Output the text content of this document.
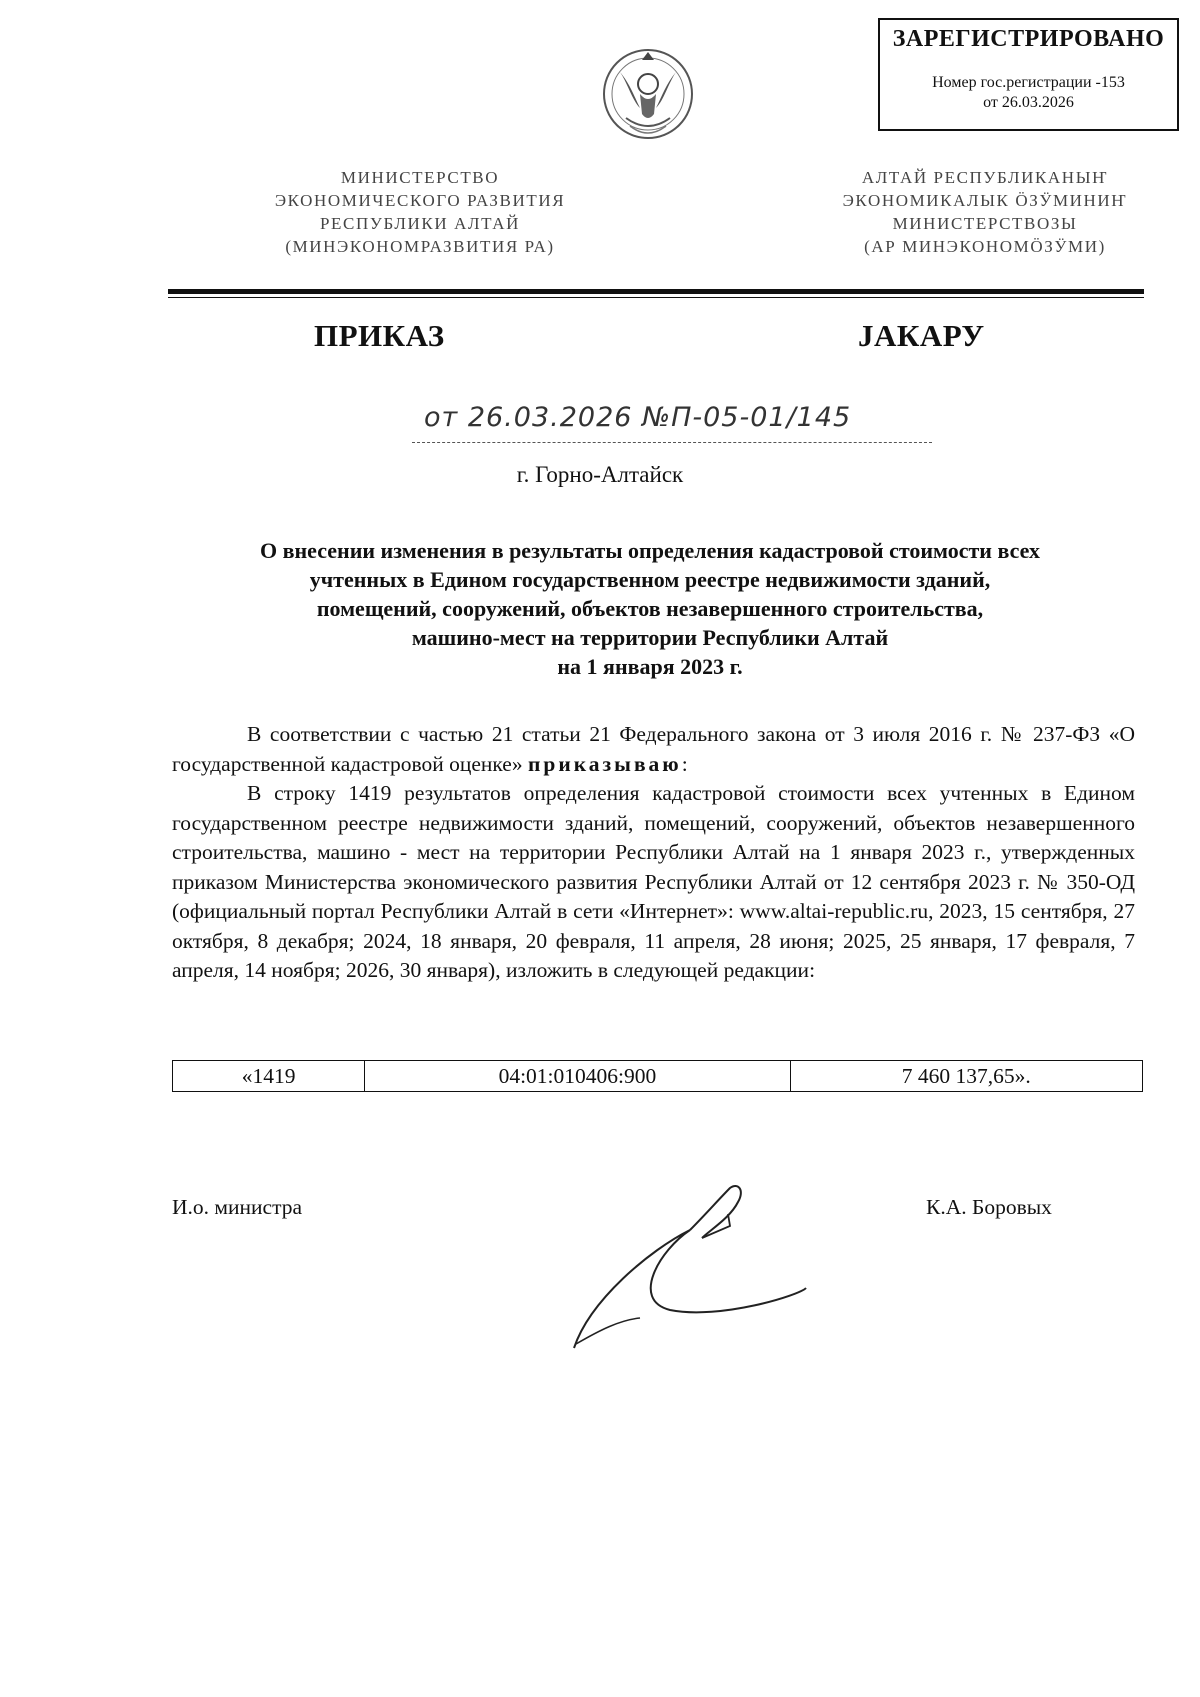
ЗАРЕГИСТРИРОВАНО
Номер гос.регистрации -153
от 26.03.2026
МИНИСТЕРСТВО
ЭКОНОМИЧЕСКОГО РАЗВИТИЯ
РЕСПУБЛИКИ АЛТАЙ
(МИНЭКОНОМРАЗВИТИЯ РА)
АЛТАЙ РЕСПУБЛИКАНЫҤ
ЭКОНОМИКАЛЫК ÖЗӰМИНИҤ
МИНИСТЕРСТВОЗЫ
(АР МИНЭКОНОМÖЗӰМИ)
ПРИКАЗ	ЈАКАРУ
от 26.03.2026 №П-05-01/145
г. Горно-Алтайск
О внесении изменения в результаты определения кадастровой стоимости всех
учтенных в Едином государственном реестре недвижимости зданий,
помещений, сооружений, объектов незавершенного строительства,
машино-мест на территории Республики Алтай
на 1 января 2023 г.

В соответствии с частью 21 статьи 21 Федерального закона от 3 июля 2016 г. № 237-ФЗ «О государственной кадастровой оценке» приказываю:

В строку 1419 результатов определения кадастровой стоимости всех учтенных в Едином государственном реестре недвижимости зданий, помещений, сооружений, объектов незавершенного строительства, машино - мест на территории Республики Алтай на 1 января 2023 г., утвержденных приказом Министерства экономического развития Республики Алтай от 12 сентября 2023 г. № 350-ОД (официальный портал Республики Алтай в сети «Интернет»: www.altai-republic.ru, 2023, 15 сентября, 27 октября, 8 декабря; 2024, 18 января, 20 февраля, 11 апреля, 28 июня; 2025, 25 января, 17 февраля, 7 апреля, 14 ноября; 2026, 30 января), изложить в следующей редакции:

«1419	04:01:010406:900	7 460 137,65».
И.о. министра	К.А. Боровых
